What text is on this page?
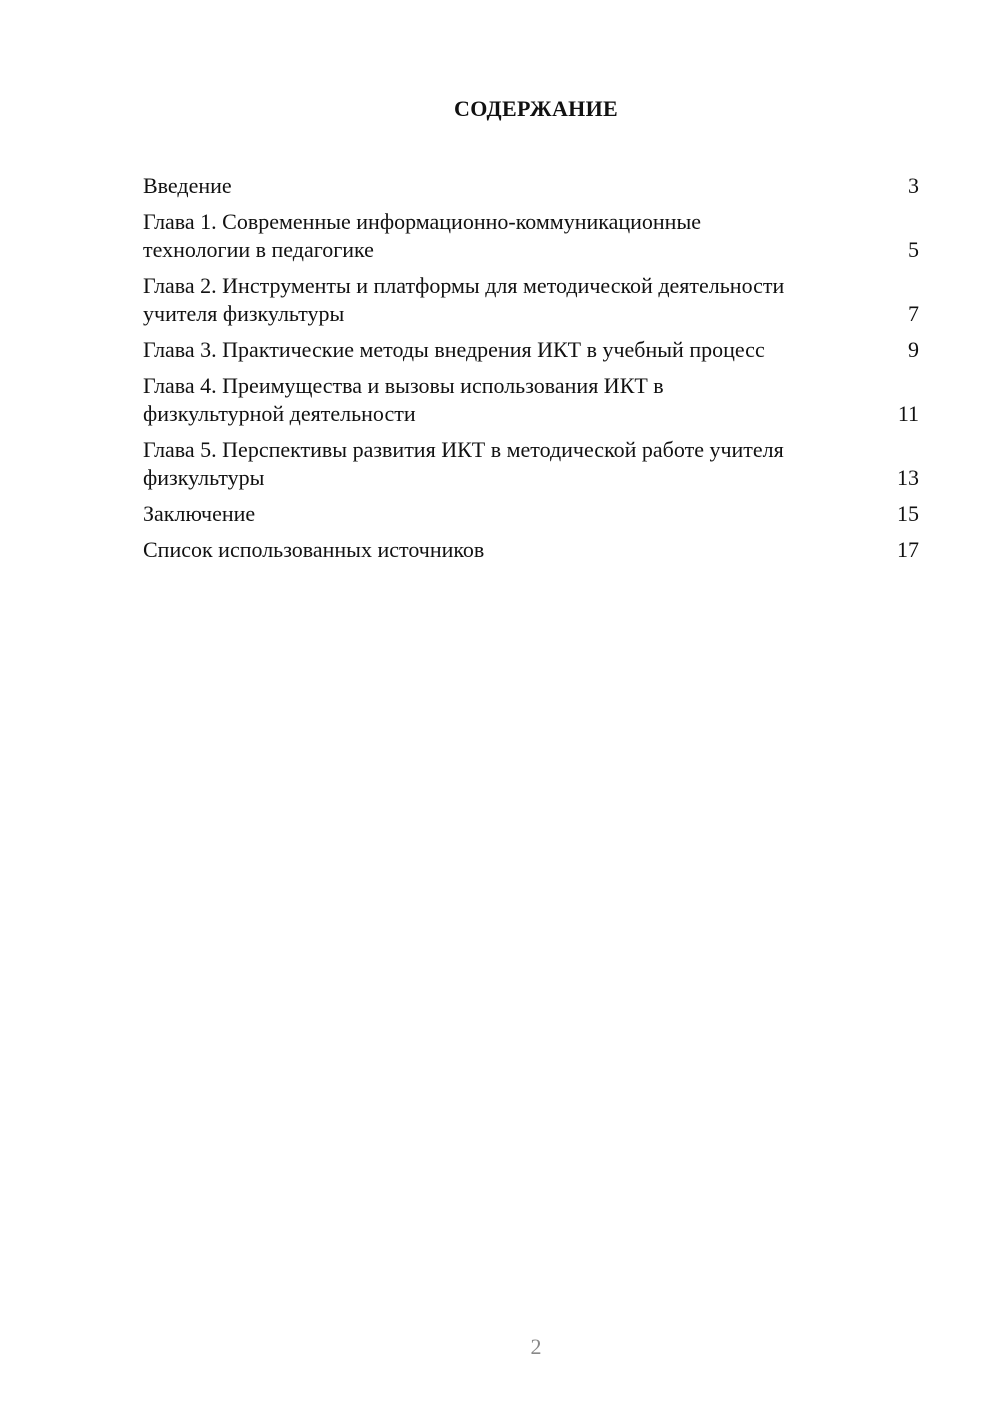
СОДЕРЖАНИЕ
Введение	3
Глава 1. Современные информационно-коммуникационные технологии в педагогике	5
Глава 2. Инструменты и платформы для методической деятельности учителя физкультуры	7
Глава 3. Практические методы внедрения ИКТ в учебный процесс	9
Глава 4. Преимущества и вызовы использования ИКТ в физкультурной деятельности	11
Глава 5. Перспективы развития ИКТ в методической работе учителя физкультуры	13
Заключение	15
Список использованных источников	17
2
